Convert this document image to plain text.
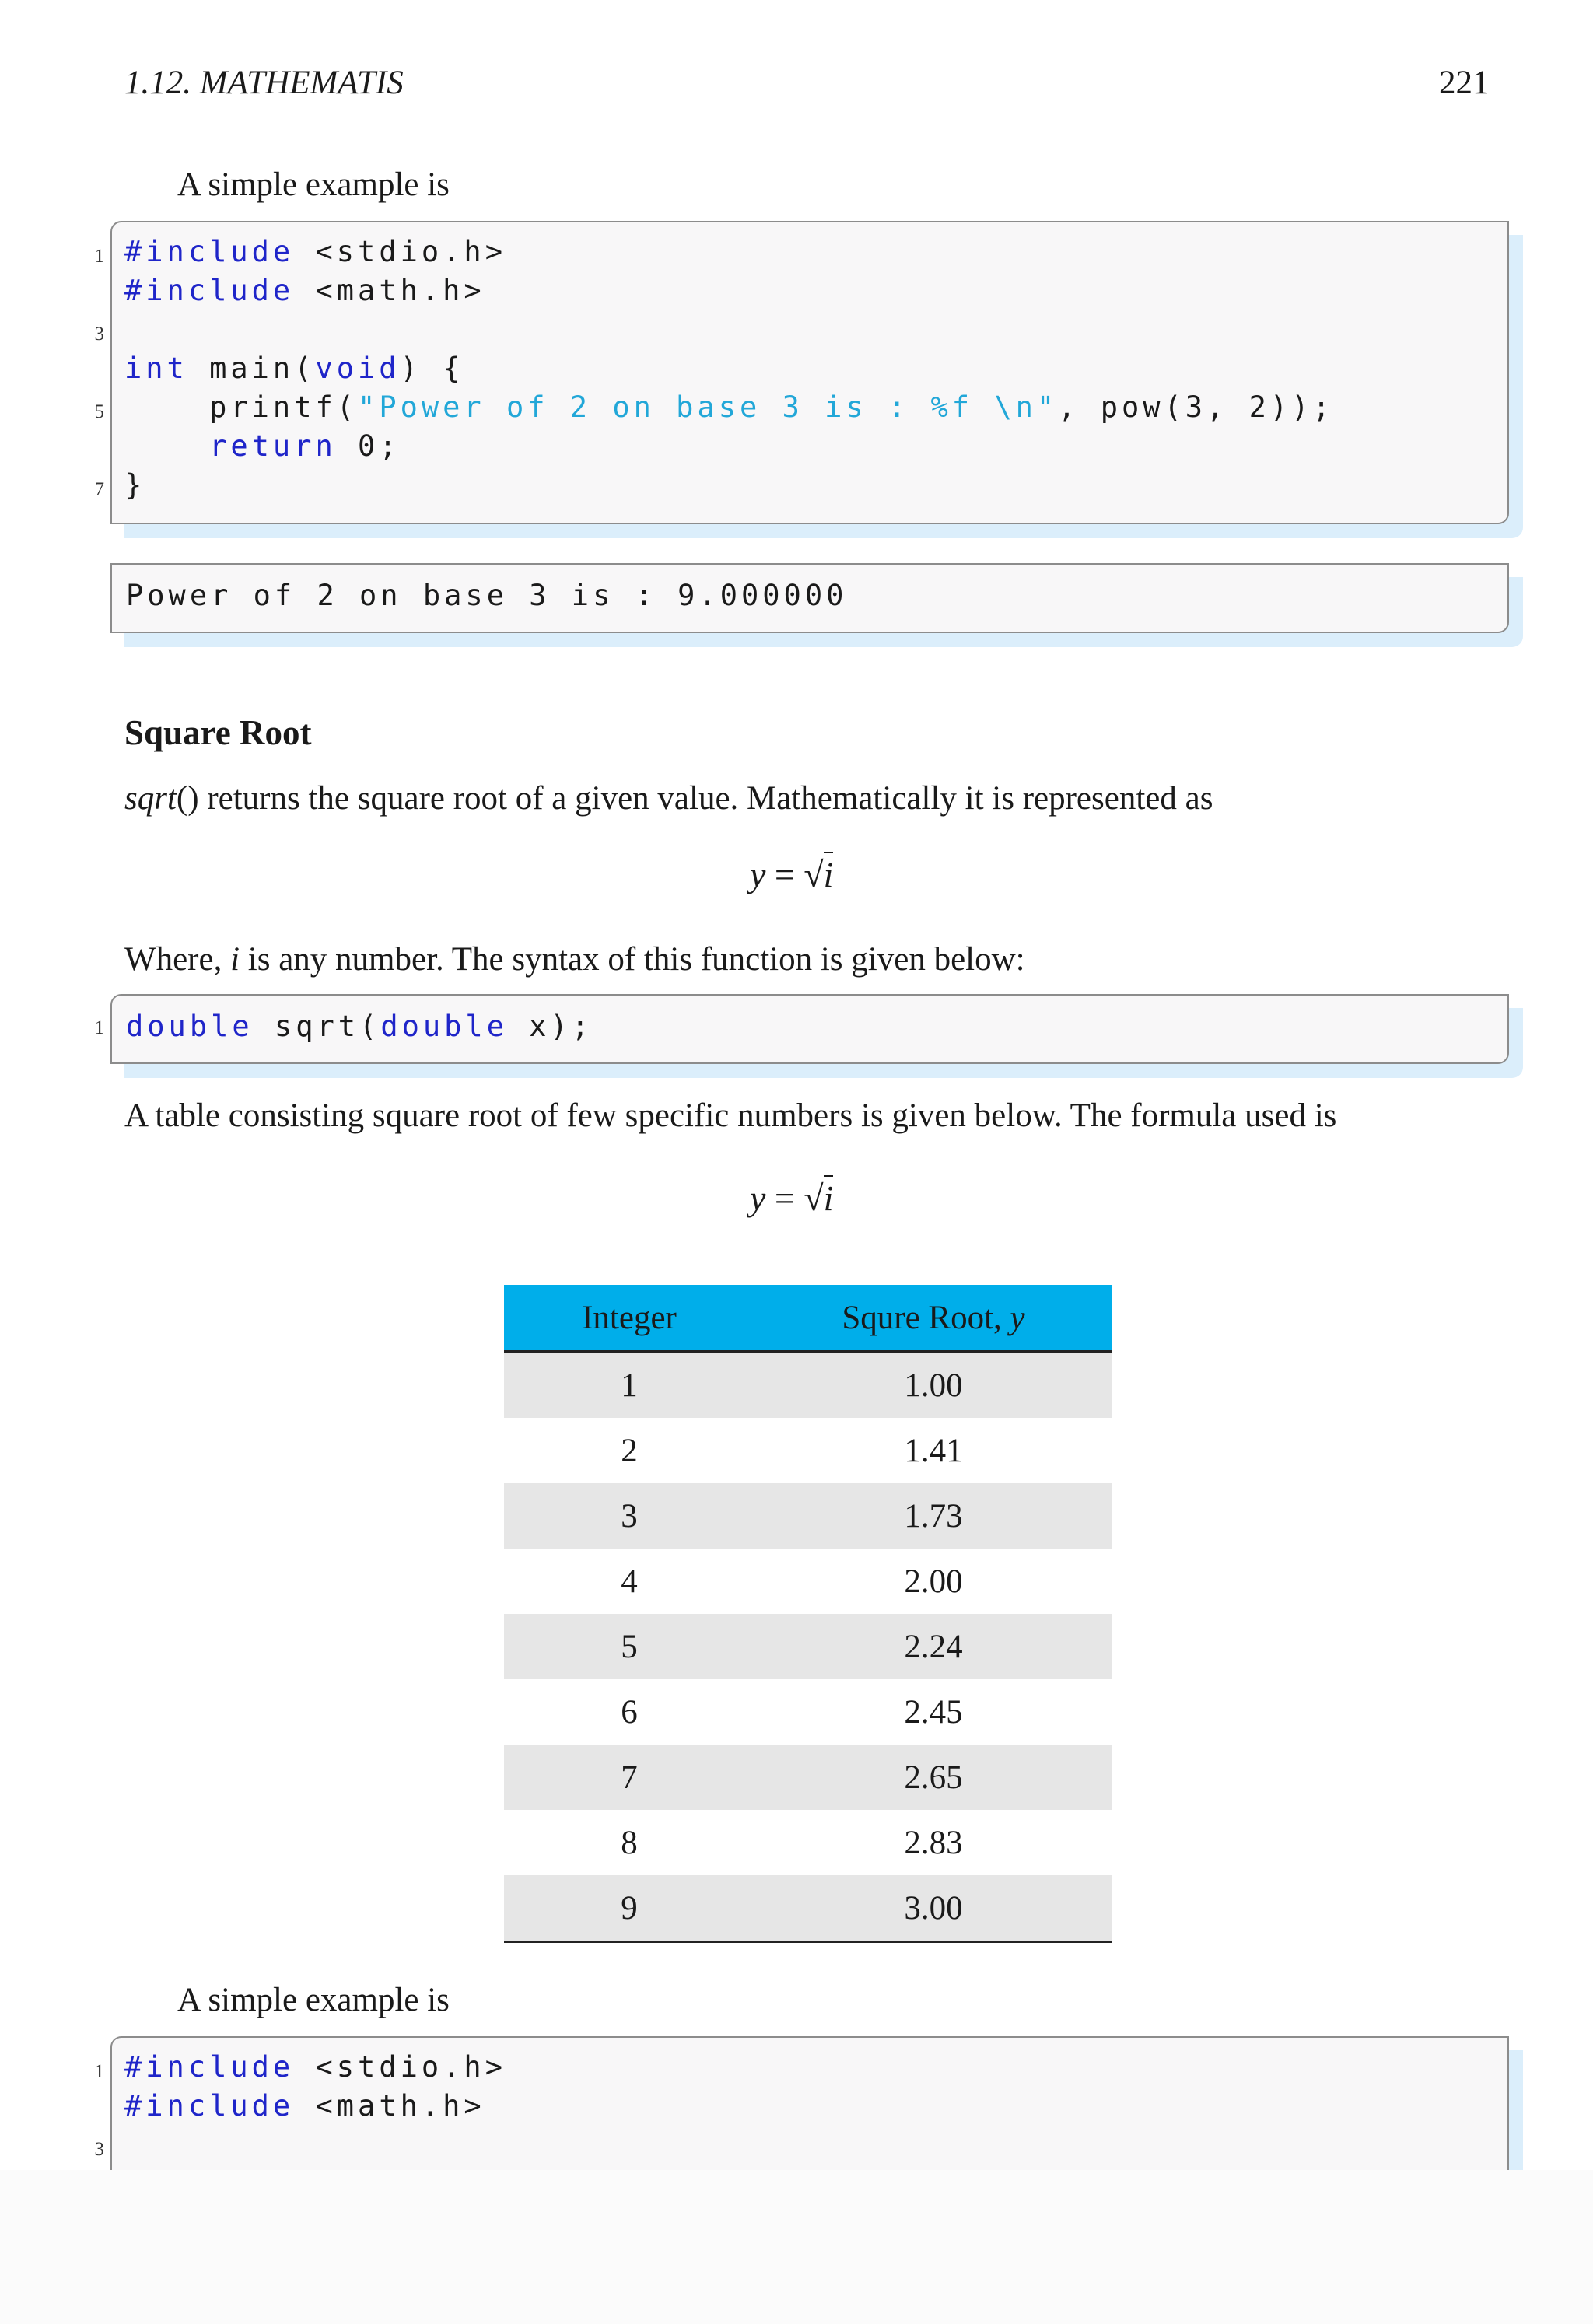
1.12. MATHEMATIS	221
A simple example is
1
3
5
7
#include <stdio.h>
#include <math.h>
int main(void) {
printf("Power of 2 on base 3 is : %f \n", pow(3, 2));
return 0;
}
Power of 2 on base 3 is : 9.000000
Square Root
sqrt() returns the square root of a given value. Mathematically it is represented as
y = √i
Where, i is any number. The syntax of this function is given below:
1 double sqrt(double x);
A table consisting square root of few specific numbers is given below. The formula used is
y = √i
Integer	Squre Root, y
1	1.00
2	1.41
3	1.73
4	2.00
5	2.24
6	2.45
7	2.65
8	2.83
9	3.00
A simple example is
1
3
#include <stdio.h>
#include <math.h>
